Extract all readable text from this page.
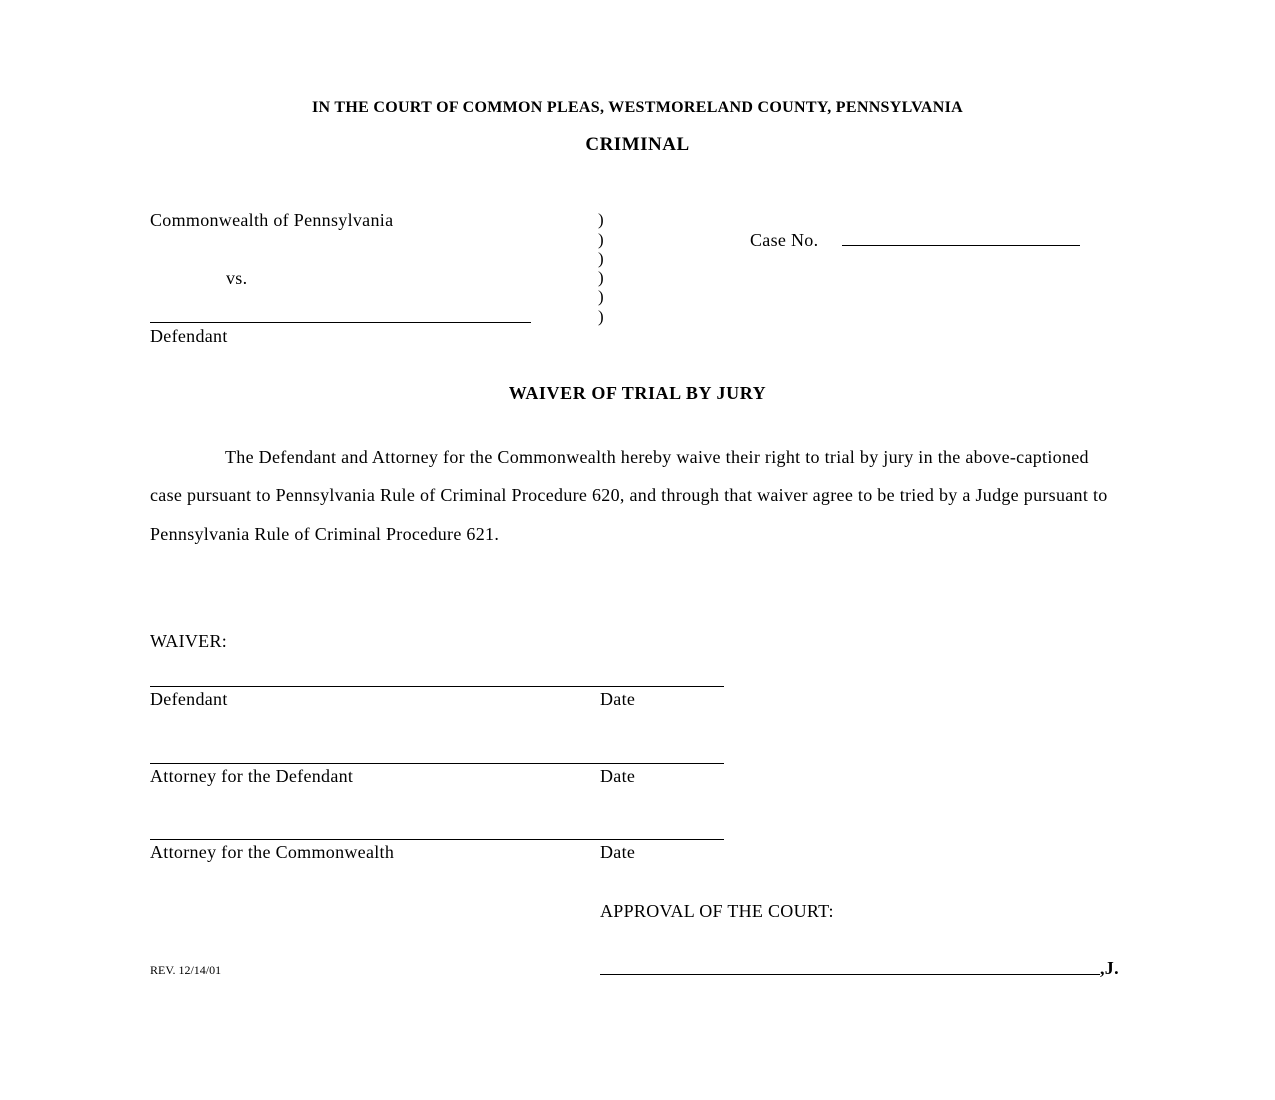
IN THE COURT OF COMMON PLEAS, WESTMORELAND COUNTY, PENNSYLVANIA
CRIMINAL
Commonwealth of Pennsylvania
vs.
Defendant
)
)
)
)
)
)
Case No.
WAIVER OF TRIAL BY JURY

The Defendant and Attorney for the Commonwealth hereby waive their right to trial by jury in the above-captioned case pursuant to Pennsylvania Rule of Criminal Procedure 620, and through that waiver agree to be tried by a Judge pursuant to Pennsylvania Rule of Criminal Procedure 621.

WAIVER:
Defendant	Date
Attorney for the Defendant	Date
Attorney for the Commonwealth	Date
APPROVAL OF THE COURT:
,J.
REV. 12/14/01
